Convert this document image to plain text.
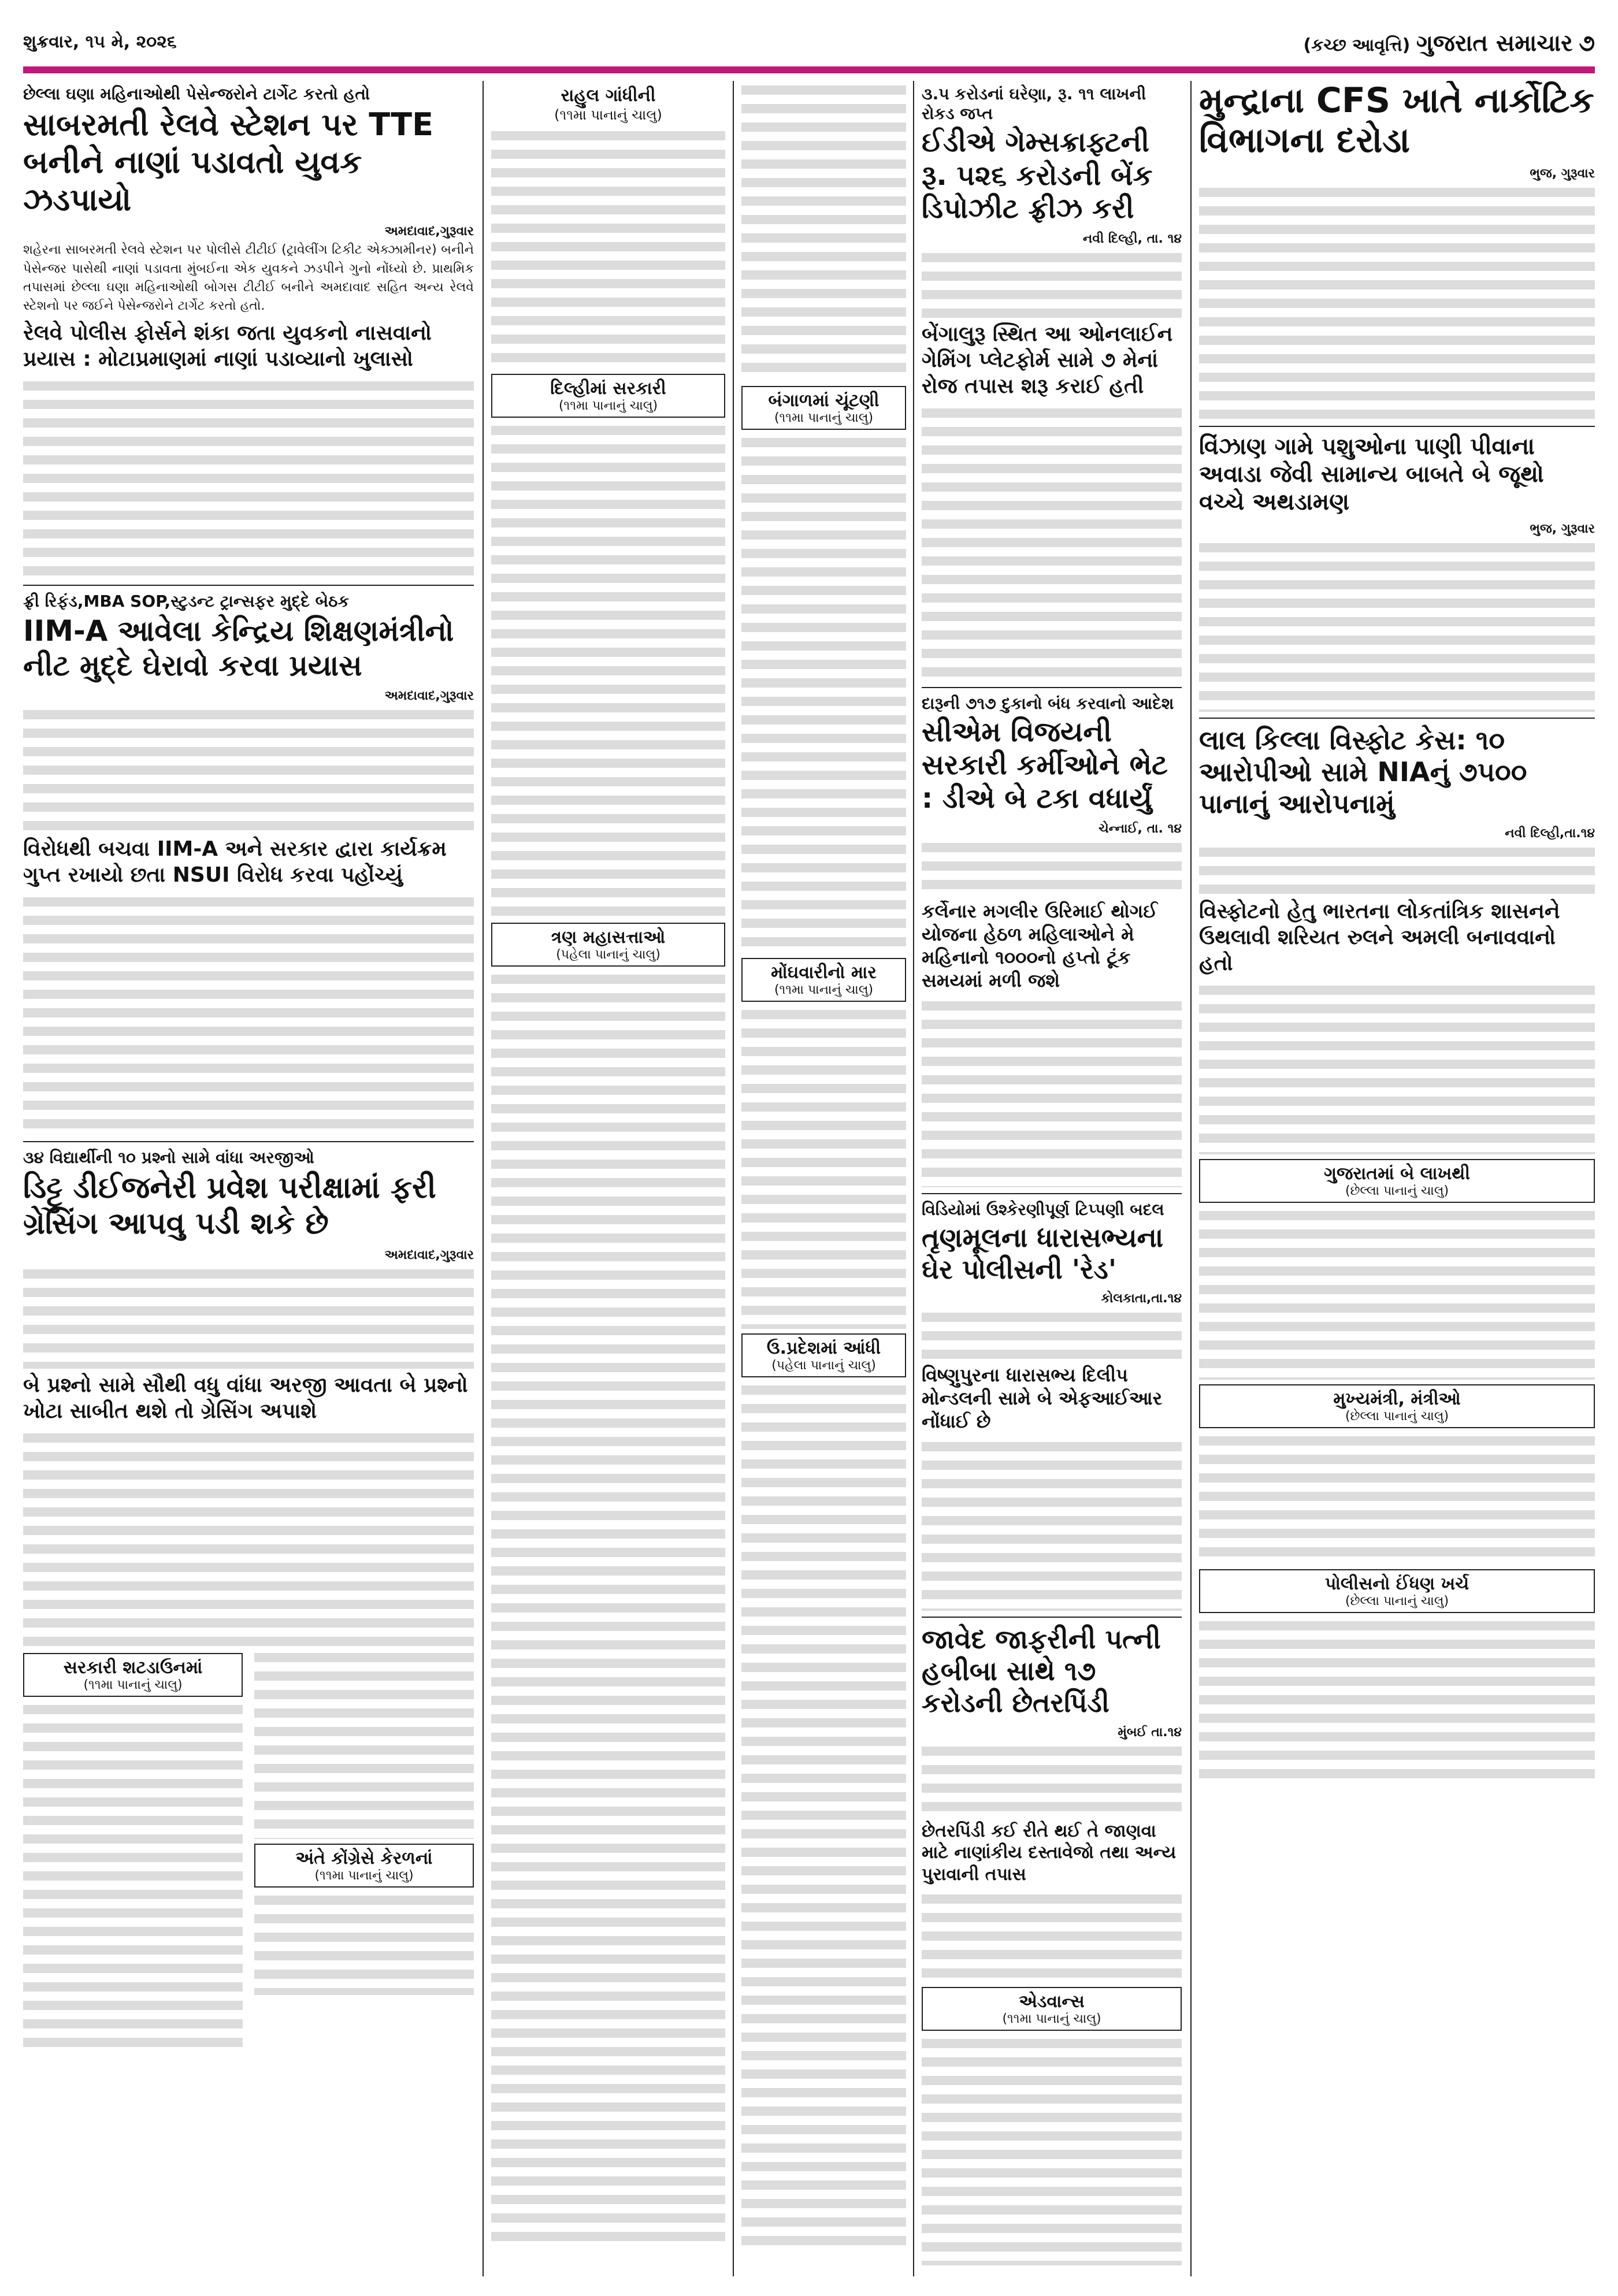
શુક્રવાર, ૧૫ મે, ૨૦૨૬	(કચ્છ આવૃત્તિ) ગુજરાત સમાચાર ૭
છેલ્લા ઘણા મહિનાઓથી પેસેન્જરોને ટાર્ગેટ કરતો હતો
સાબરમતી રેલવે સ્ટેશન પર TTE બનીને નાણાં પડાવતો યુવક ઝડપાયો
અમદાવાદ,ગુરૂવાર
શહેરના સાબરમતી રેલવે સ્ટેશન પર પોલીસે ટીટીઈ (ટ્રાવેલીંગ ટિકીટ એક્ઝામીનર) બનીને પેસેન્જર પાસેથી નાણાં પડાવતા મુંબઈના એક યુવકને ઝડપીને ગુનો નોંધ્યો છે. પ્રાથમિક તપાસમાં છેલ્લા ઘણા મહિનાઓથી બોગસ ટીટીઈ બનીને અમદાવાદ સહિત અન્ય રેલવે સ્ટેશનો પર જઈને પેસેન્જરોને ટાર્ગેટ કરતો હતો.
રેલવે પોલીસ ફોર્સને શંકા જતા યુવકનો નાસવાનો પ્રયાસ : મોટાપ્રમાણમાં નાણાં પડાવ્યાનો ખુલાસો
ફ્રી રિફંડ,MBA SOP,સ્ટુડન્ટ ટ્રાન્સફર મુદ્દે બેઠક
IIM-A આવેલા કેન્દ્રિય શિક્ષણમંત્રીનો નીટ મુદ્દે ઘેરાવો કરવા પ્રયાસ
અમદાવાદ,ગુરૂવાર
વિરોધથી બચવા IIM-A અને સરકાર દ્વારા કાર્યક્રમ ગુપ્ત રખાયો છતા NSUI વિરોધ કરવા પહોંચ્યું
૩૪ વિદ્યાર્થીની ૧૦ પ્રશ્નો સામે વાંધા અરજીઓ
ડિટ્ટુ ડીઈજનેરી પ્રવેશ પરીક્ષામાં ફરી ગ્રેસિંગ આપવુ પડી શકે છે
અમદાવાદ,ગુરૂવાર
બે પ્રશ્નો સામે સૌથી વધુ વાંધા અરજી આવતા બે પ્રશ્નો ખોટા સાબીત થશે તો ગ્રેસિંગ અપાશે
સરકારી શટડાઉનમાં
(૧૧મા પાનાનું ચાલુ)
અંતે કોંગ્રેસે કેરળનાં
(૧૧મા પાનાનું ચાલુ)
રાહુલ ગાંધીની
(૧૧મા પાનાનું ચાલુ)
દિલ્હીમાં સરકારી
(૧૧મા પાનાનું ચાલુ)
ત્રણ મહાસત્તાઓ
(પહેલા પાનાનું ચાલુ)
બંગાળમાં ચૂંટણી
(૧૧મા પાનાનું ચાલુ)
મોંઘવારીનો માર
(૧૧મા પાનાનું ચાલુ)
ઉ.પ્રદેશમાં આંધી
(પહેલા પાનાનું ચાલુ)
૩.૫ કરોડનાં ઘરેણા, રૂ. ૧૧ લાખની રોકડ જપ્ત
ઈડીએ ગેમ્સક્રાફ્ટની રૂ. ૫૨૬ કરોડની બેંક ડિપોઝીટ ફ્રીઝ કરી
નવી દિલ્હી, તા. ૧૪
બેંગાલુરૂ સ્થિત આ ઓનલાઈન ગેમિંગ પ્લેટફોર્મ સામે ૭ મેનાં રોજ તપાસ શરૂ કરાઈ હતી
દારૂની ૭૧૭ દુકાનો બંધ કરવાનો આદેશ
સીએમ વિજયની સરકારી કર્મીઓને ભેટ : ડીએ બે ટકા વધાર્યું
ચેન્નાઈ, તા. ૧૪
કર્લેનાર મગલીર ઉરિમાઈ થોગઈ યોજના હેઠળ મહિલાઓને મે મહિનાનો ૧૦૦૦નો હપ્તો ટૂંક સમયમાં મળી જશે
વિડિયોમાં ઉશ્કેરણીપૂર્ણ ટિપ્પણી બદલ
તૃણમૂલના ધારાસભ્યના ઘેર પોલીસની 'રેડ'
કોલકાતા,તા.૧૪
વિષ્ણુપુરના ધારાસભ્ય દિલીપ મોન્ડલની સામે બે એફઆઈઆર નોંધાઈ છે
જાવેદ જાફરીની પત્ની હબીબા સાથે ૧૭ કરોડની છેતરપિંડી
મુંબઈ તા.૧૪
છેતરપિંડી કઈ રીતે થઈ તે જાણવા માટે નાણાંકીય દસ્તાવેજો તથા અન્ય પુરાવાની તપાસ
એડવાન્સ
(૧૧મા પાનાનું ચાલુ)
મુન્દ્રાના CFS ખાતે નાર્કોટિક વિભાગના દરોડા
ભુજ, ગુરૂવાર
વિંઝાણ ગામે પશુઓના પાણી પીવાના અવાડા જેવી સામાન્ય બાબતે બે જૂથો વચ્ચે અથડામણ
ભુજ, ગુરૂવાર
લાલ કિલ્લા વિસ્ફોટ કેસ: ૧૦ આરોપીઓ સામે NIAનું ૭૫૦૦ પાનાનું આરોપનામું
નવી દિલ્હી,તા.૧૪
વિસ્ફોટનો હેતુ ભારતના લોકતાંત્રિક શાસનને ઉથલાવી શરિયત રુલને અમલી બનાવવાનો હતો
ગુજરાતમાં બે લાખથી
(છેલ્લા પાનાનું ચાલુ)
મુખ્યમંત્રી, મંત્રીઓ
(છેલ્લા પાનાનું ચાલુ)
પોલીસનો ઈંધણ ખર્ચ
(છેલ્લા પાનાનું ચાલુ)
